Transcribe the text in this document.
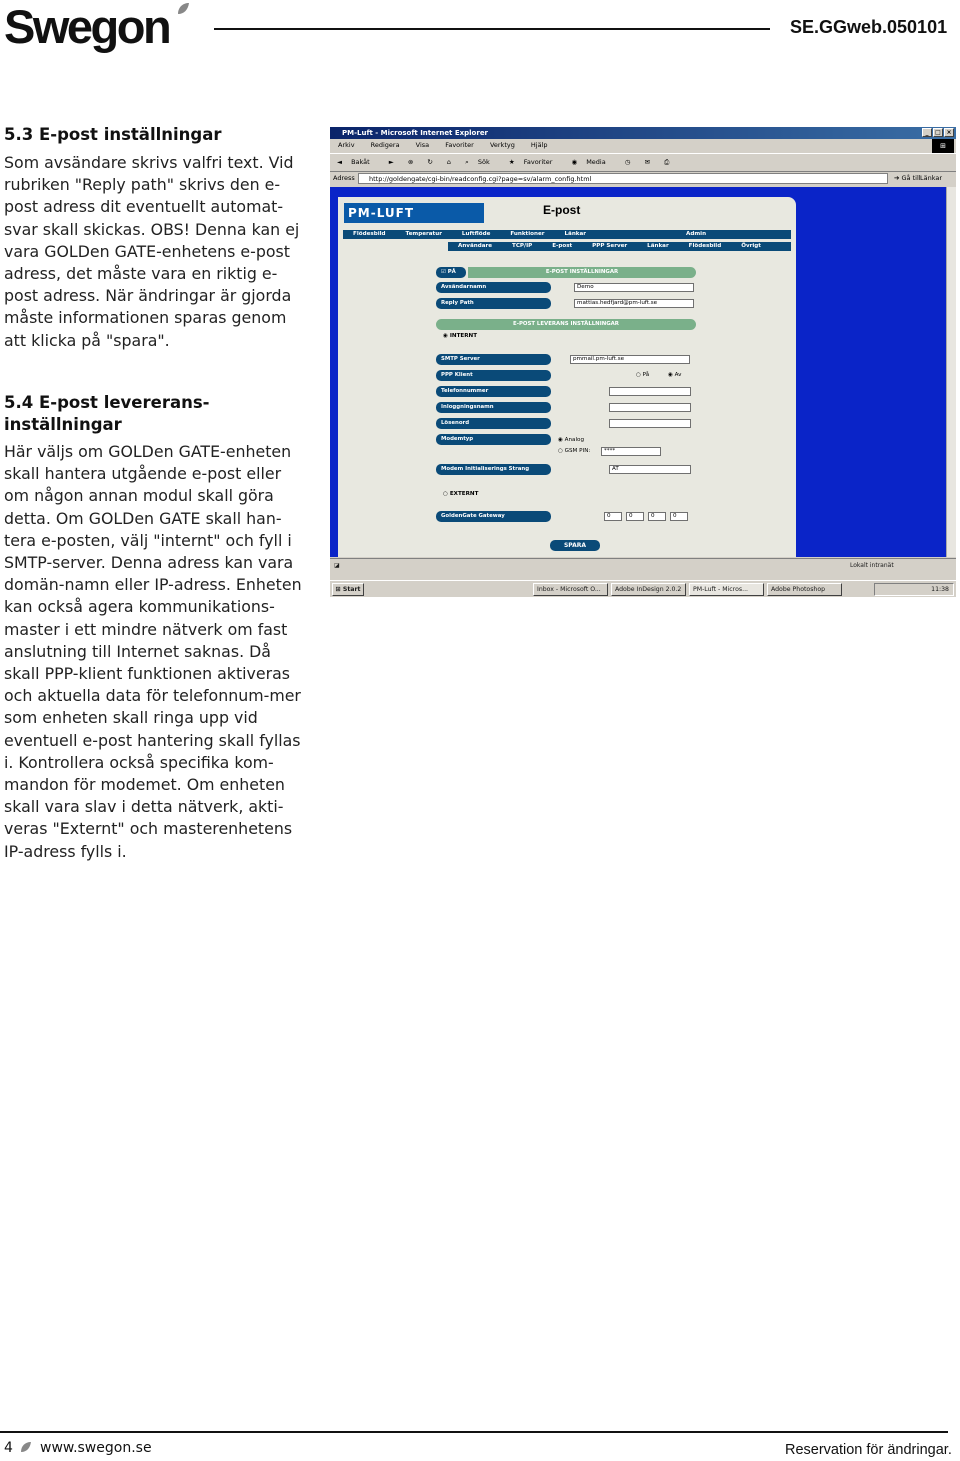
Swegon	SE.GGweb.050101
5.3 E-post inställningar
Som avsändare skrivs valfri text. Vid rubriken "Reply path" skrivs den e-post adress dit eventuellt automat-svar skall skickas. OBS! Denna kan ej vara GOLDen GATE-enhetens e-post adress, det måste vara en riktig e-post adress. När ändringar är gjorda måste informationen sparas genom att klicka på "spara".
5.4 E-post levererans-inställningar
Här väljs om GOLDen GATE-enheten skall hantera utgående e-post eller om någon annan modul skall göra detta. Om GOLDen GATE skall han-tera e-posten, välj "internt" och fyll i SMTP-server. Denna adress kan vara domän-namn eller IP-adress. Enheten kan också agera kommunikations-master i ett mindre nätverk om fast anslutning till Internet saknas. Då skall PPP-klient funktionen aktiveras och aktuella data för telefonnum-mer som enheten skall ringa upp vid eventuell e-post hantering skall fyllas i. Kontrollera också specifika kom-mandon för modemet. Om enheten skall vara slav i detta nätverk, akti-veras "Externt" och masterenhetens IP-adress fylls i.
PM-Luft - Microsoft Internet Explorer	_	□ ×
Arkiv Redigera Visa Favoriter Verktyg Hjälp	⊞
◄ Bakåt	► ⊗ ↻ ⌂ ⌕ Sök	★ Favoriter	◉ Media	◷ ✉ ⎙
Adress	http://goldengate/cgi-bin/readconfig.cgi?page=sv/alarm_config.html	➔ Gå till Länkar
PM-LUFT	E-post
Flödesbild	Temperatur	Luftflöde	Funktioner	Länkar	Admin
Användare	TCP/IP	E-post	PPP Server	Länkar	Flödesbild	Övrigt
☑ PÅ	E-POST INSTÄLLNINGAR
Avsändarnamn	Demo
Reply Path	mattias.hedfjard@pm-luft.se
E-POST LEVERANS INSTÄLLNINGAR
◉ INTERNT
SMTP Server	pmmail.pm-luft.se
PPP Klient	○ På	◉ Av
Telefonnummer
Inloggningsnamn
Lösenord
Modemtyp	◉ Analog
○ GSM PIN:	****
Modem Initialiserings Strang	AT
○ EXTERNT
GoldenGate Gateway	0	0	0	0
SPARA
◪	Lokalt intranät
⊞ Start	Inbox - Microsoft O...	Adobe InDesign 2.0.2	PM-Luft - Micros...	Adobe Photoshop	11:38
4 www.swegon.se	Reservation för ändringar.
